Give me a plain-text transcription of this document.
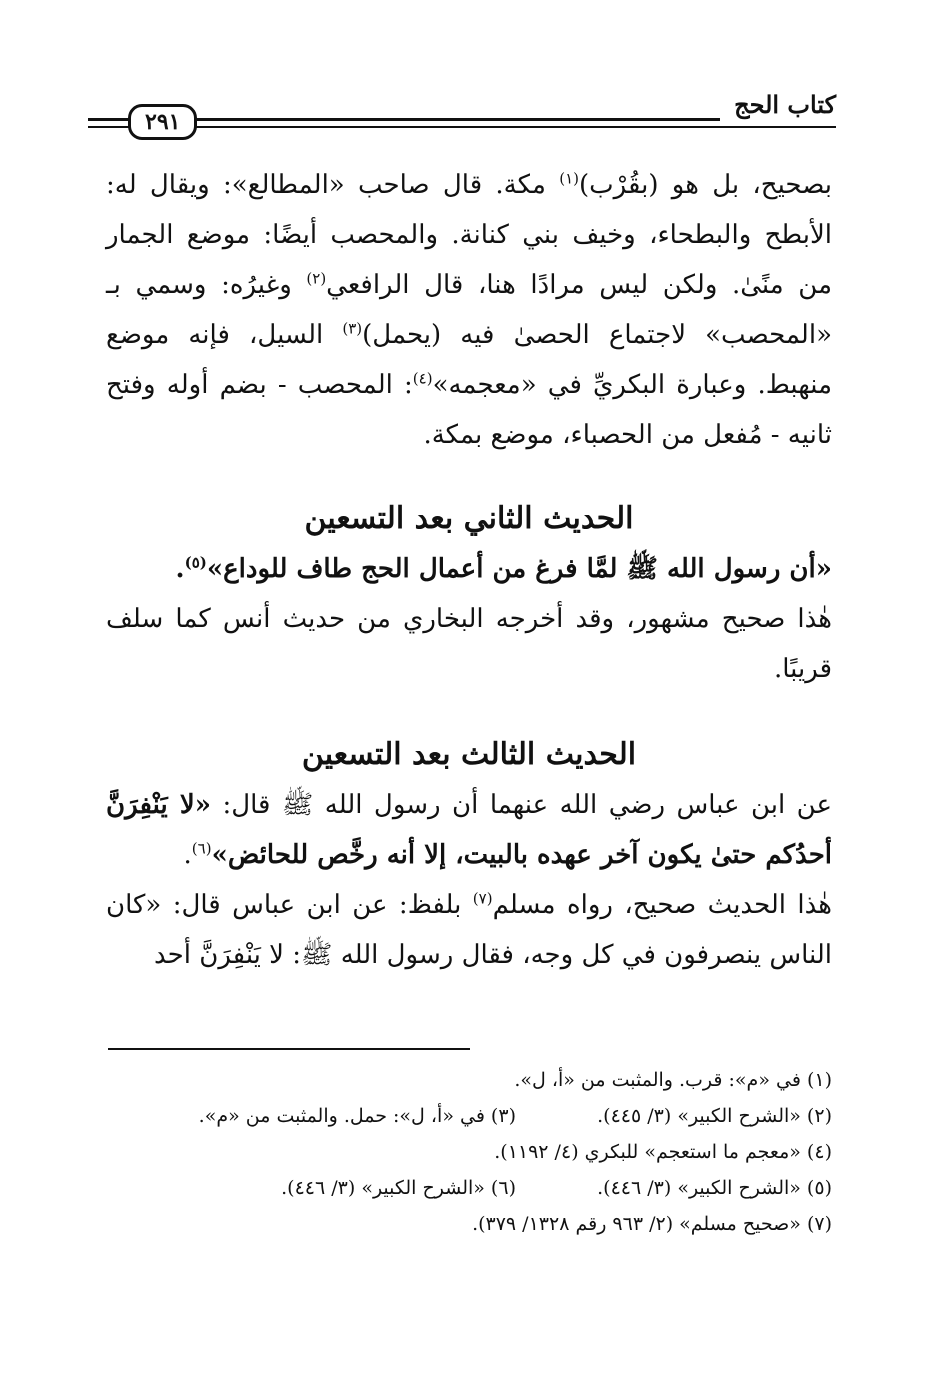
كتاب الحج
٢٩١

بصحيح، بل هو (بقُرْب)$^{(١)}$ مكة. قال صاحب «المطالع»: ويقال له: الأبطح والبطحاء، وخيف بني كنانة. والمحصب أيضًا: موضع الجمار من منًىٰ. ولكن ليس مرادًا هنا، قال الرافعي$^{(٢)}$ وغيرُه: وسمي بـ «المحصب» لاجتماع الحصىٰ فيه (يحمل)$^{(٣)}$ السيل، فإنه موضع منهبط. وعبارة البكريِّ في «معجمه»$^{(٤)}$: المحصب - بضم أوله وفتح ثانيه - مُفعل من الحصباء، موضع بمكة.

الحديث الثاني بعد التسعين

«أن رسول الله ﷺ لمَّا فرغ من أعمال الحج طاف للوداع»$^{(٥)}$.

هٰذا صحيح مشهور، وقد أخرجه البخاري من حديث أنس كما سلف قريبًا.

الحديث الثالث بعد التسعين

عن ابن عباس رضي الله عنهما أن رسول الله ﷺ قال: «لا يَنْفِرَنَّ أحدُكم حتىٰ يكون آخر عهده بالبيت، إلا أنه رخَّص للحائض»$^{(٦)}$.

هٰذا الحديث صحيح، رواه مسلم$^{(٧)}$ بلفظ: عن ابن عباس قال: «كان الناس ينصرفون في كل وجه، فقال رسول الله ﷺ: لا يَنْفِرَنَّ أحد

(١) في «م»: قرب. والمثبت من «أ، ل».

(٢) «الشرح الكبير» (٣/ ٤٤٥).

(٣) في «أ، ل»: حمل. والمثبت من «م».

(٤) «معجم ما استعجم» للبكري (٤/ ١١٩٢).

(٥) «الشرح الكبير» (٣/ ٤٤٦).

(٦) «الشرح الكبير» (٣/ ٤٤٦).

(٧) «صحيح مسلم» (٢/ ٩٦٣ رقم ١٣٢٨/ ٣٧٩).
